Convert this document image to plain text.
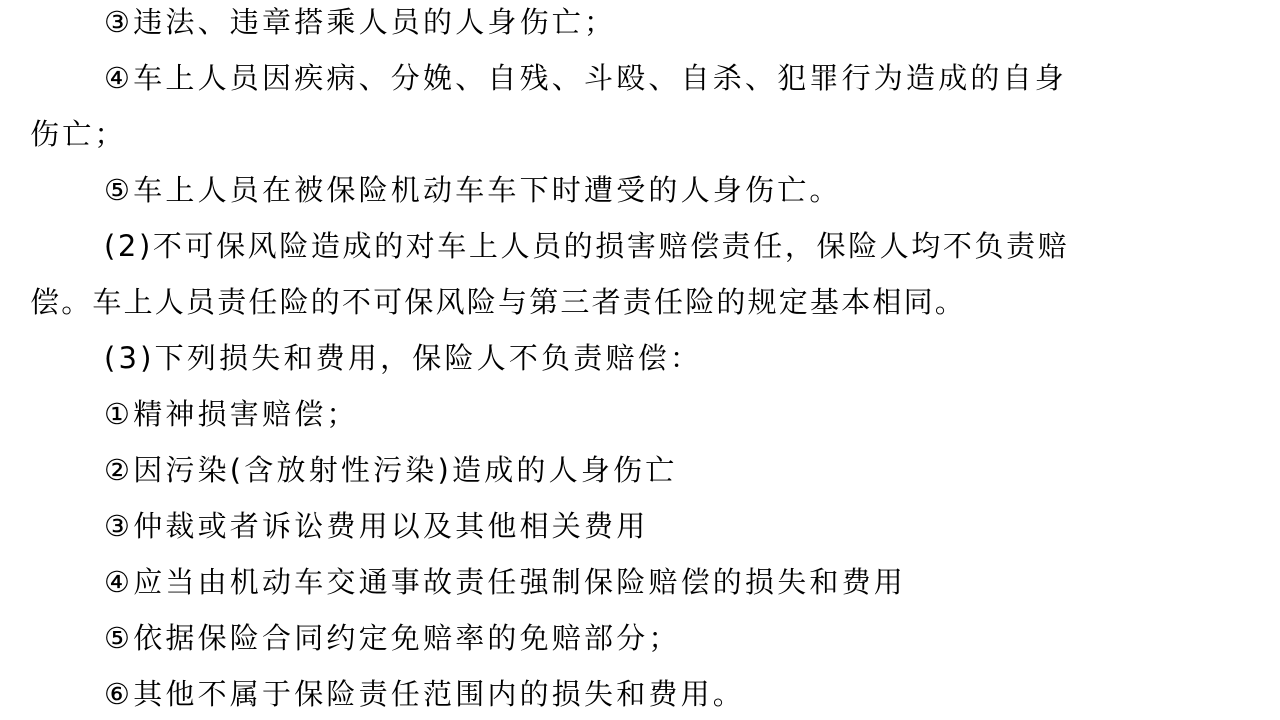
③违法、违章搭乘人员的人身伤亡；
④车上人员因疾病、分娩、自残、斗殴、自杀、犯罪行为造成的自身
伤亡；
⑤车上人员在被保险机动车车下时遭受的人身伤亡。
(2)不可保风险造成的对车上人员的损害赔偿责任，保险人均不负责赔
偿。车上人员责任险的不可保风险与第三者责任险的规定基本相同。
(3)下列损失和费用，保险人不负责赔偿：
①精神损害赔偿；
②因污染(含放射性污染)造成的人身伤亡
③仲裁或者诉讼费用以及其他相关费用
④应当由机动车交通事故责任强制保险赔偿的损失和费用
⑤依据保险合同约定免赔率的免赔部分；
⑥其他不属于保险责任范围内的损失和费用。
